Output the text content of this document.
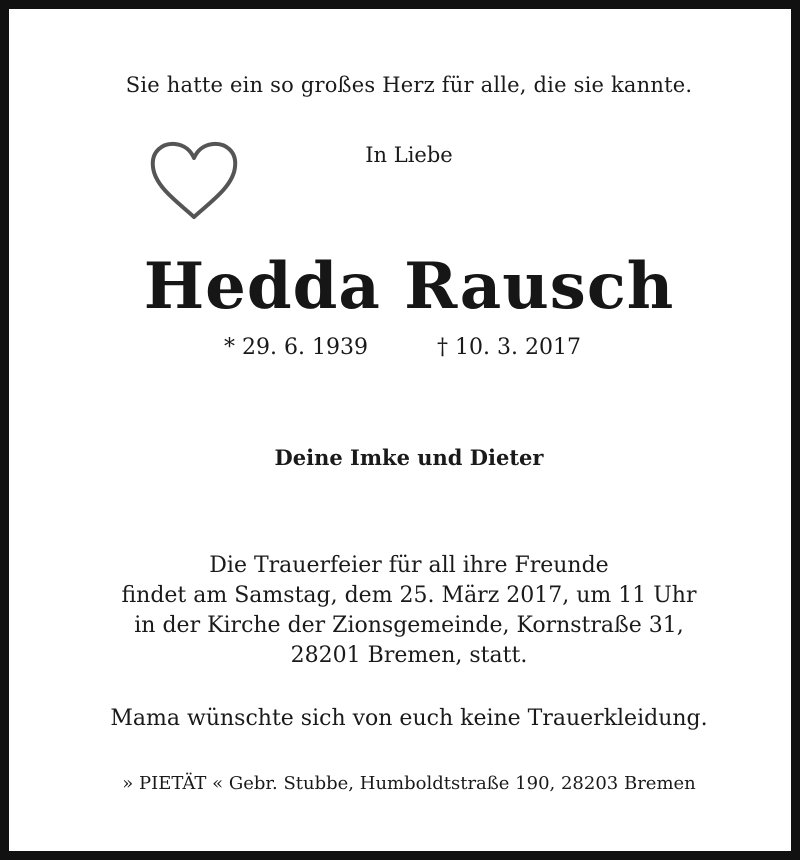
Sie hatte ein so großes Herz für alle, die sie kannte.
In Liebe
Hedda Rausch
* 29. 6. 1939	† 10. 3. 2017
Deine Imke und Dieter
Die Trauerfeier für all ihre Freunde
findet am Samstag, dem 25. März 2017, um 11 Uhr
in der Kirche der Zionsgemeinde, Kornstraße 31,
28201 Bremen, statt.
Mama wünschte sich von euch keine Trauerkleidung.
» PIETÄT « Gebr. Stubbe, Humboldtstraße 190, 28203 Bremen
